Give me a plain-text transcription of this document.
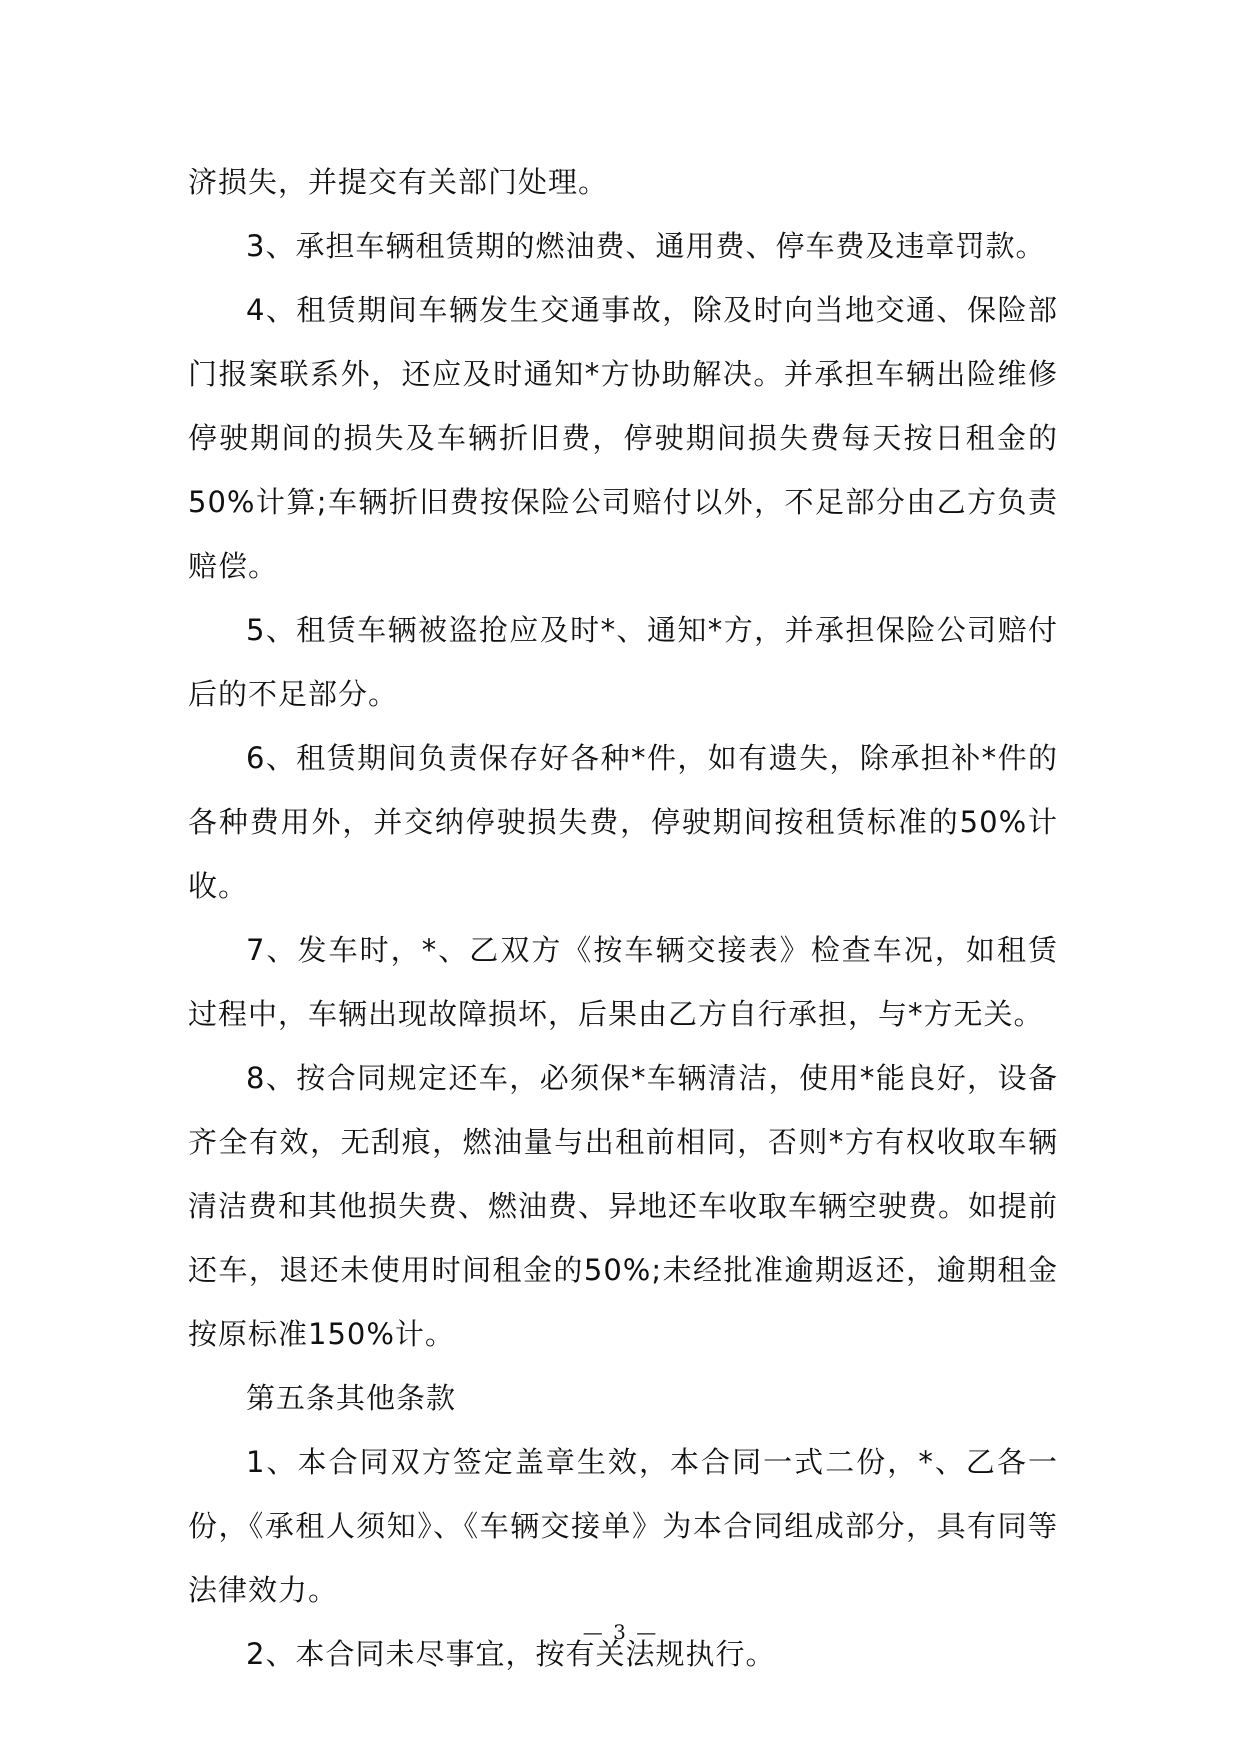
济损失，并提交有关部门处理。

3、承担车辆租赁期的燃油费、通用费、停车费及违章罚款。

4、租赁期间车辆发生交通事故，除及时向当地交通、保险部门报案联系外，还应及时通知*方协助解决。并承担车辆出险维修停驶期间的损失及车辆折旧费，停驶期间损失费每天按日租金的50%计算;车辆折旧费按保险公司赔付以外，不足部分由乙方负责赔偿。

5、租赁车辆被盗抢应及时*、通知*方，并承担保险公司赔付后的不足部分。

6、租赁期间负责保存好各种*件，如有遗失，除承担补*件的各种费用外，并交纳停驶损失费，停驶期间按租赁标准的50%计收。

7、发车时，*、乙双方《按车辆交接表》检查车况，如租赁过程中，车辆出现故障损坏，后果由乙方自行承担，与*方无关。

8、按合同规定还车，必须保*车辆清洁，使用*能良好，设备齐全有效，无刮痕，燃油量与出租前相同，否则*方有权收取车辆清洁费和其他损失费、燃油费、异地还车收取车辆空驶费。如提前还车，退还未使用时间租金的50%;未经批准逾期返还，逾期租金按原标准150%计。

第五条其他条款

1、本合同双方签定盖章生效，本合同一式二份，*、乙各一份，《承租人须知》、《车辆交接单》为本合同组成部分，具有同等法律效力。

2、本合同未尽事宜，按有关法规执行。

— 3 —
